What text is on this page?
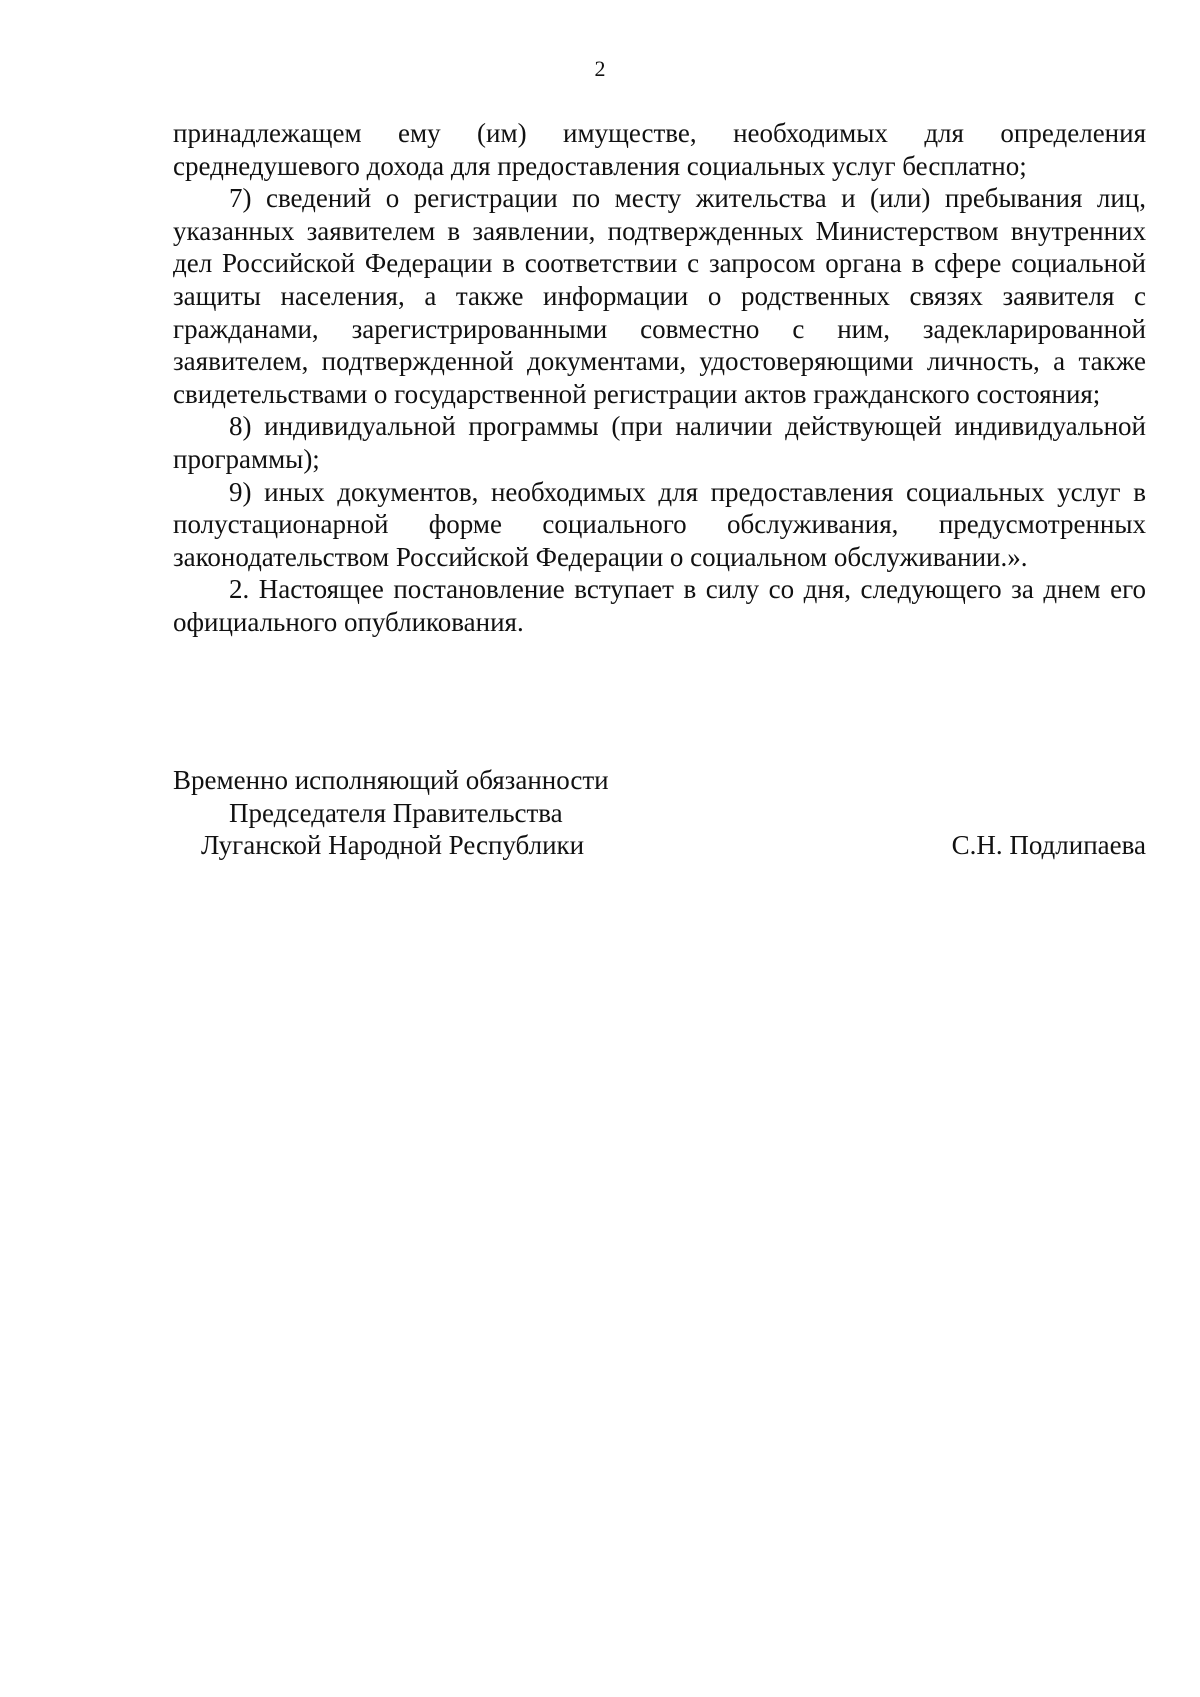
2

принадлежащем ему (им) имуществе, необходимых для определения среднедушевого дохода для предоставления социальных услуг бесплатно;

7) сведений о регистрации по месту жительства и (или) пребывания лиц, указанных заявителем в заявлении, подтвержденных Министерством внутренних дел Российской Федерации в соответствии с запросом органа в сфере социальной защиты населения, а также информации о родственных связях заявителя с гражданами, зарегистрированными совместно с ним, задекларированной заявителем, подтвержденной документами, удостоверяющими личность, а также свидетельствами о государственной регистрации актов гражданского состояния;

8) индивидуальной программы (при наличии действующей индивидуальной программы);

9) иных документов, необходимых для предоставления социальных услуг в полустационарной форме социального обслуживания, предусмотренных законодательством Российской Федерации о социальном обслуживании.».

2. Настоящее постановление вступает в силу со дня, следующего за днем его официального опубликования.

Временно исполняющий обязанности
Председателя Правительства
Луганской Народной Республики	С.Н. Подлипаева
